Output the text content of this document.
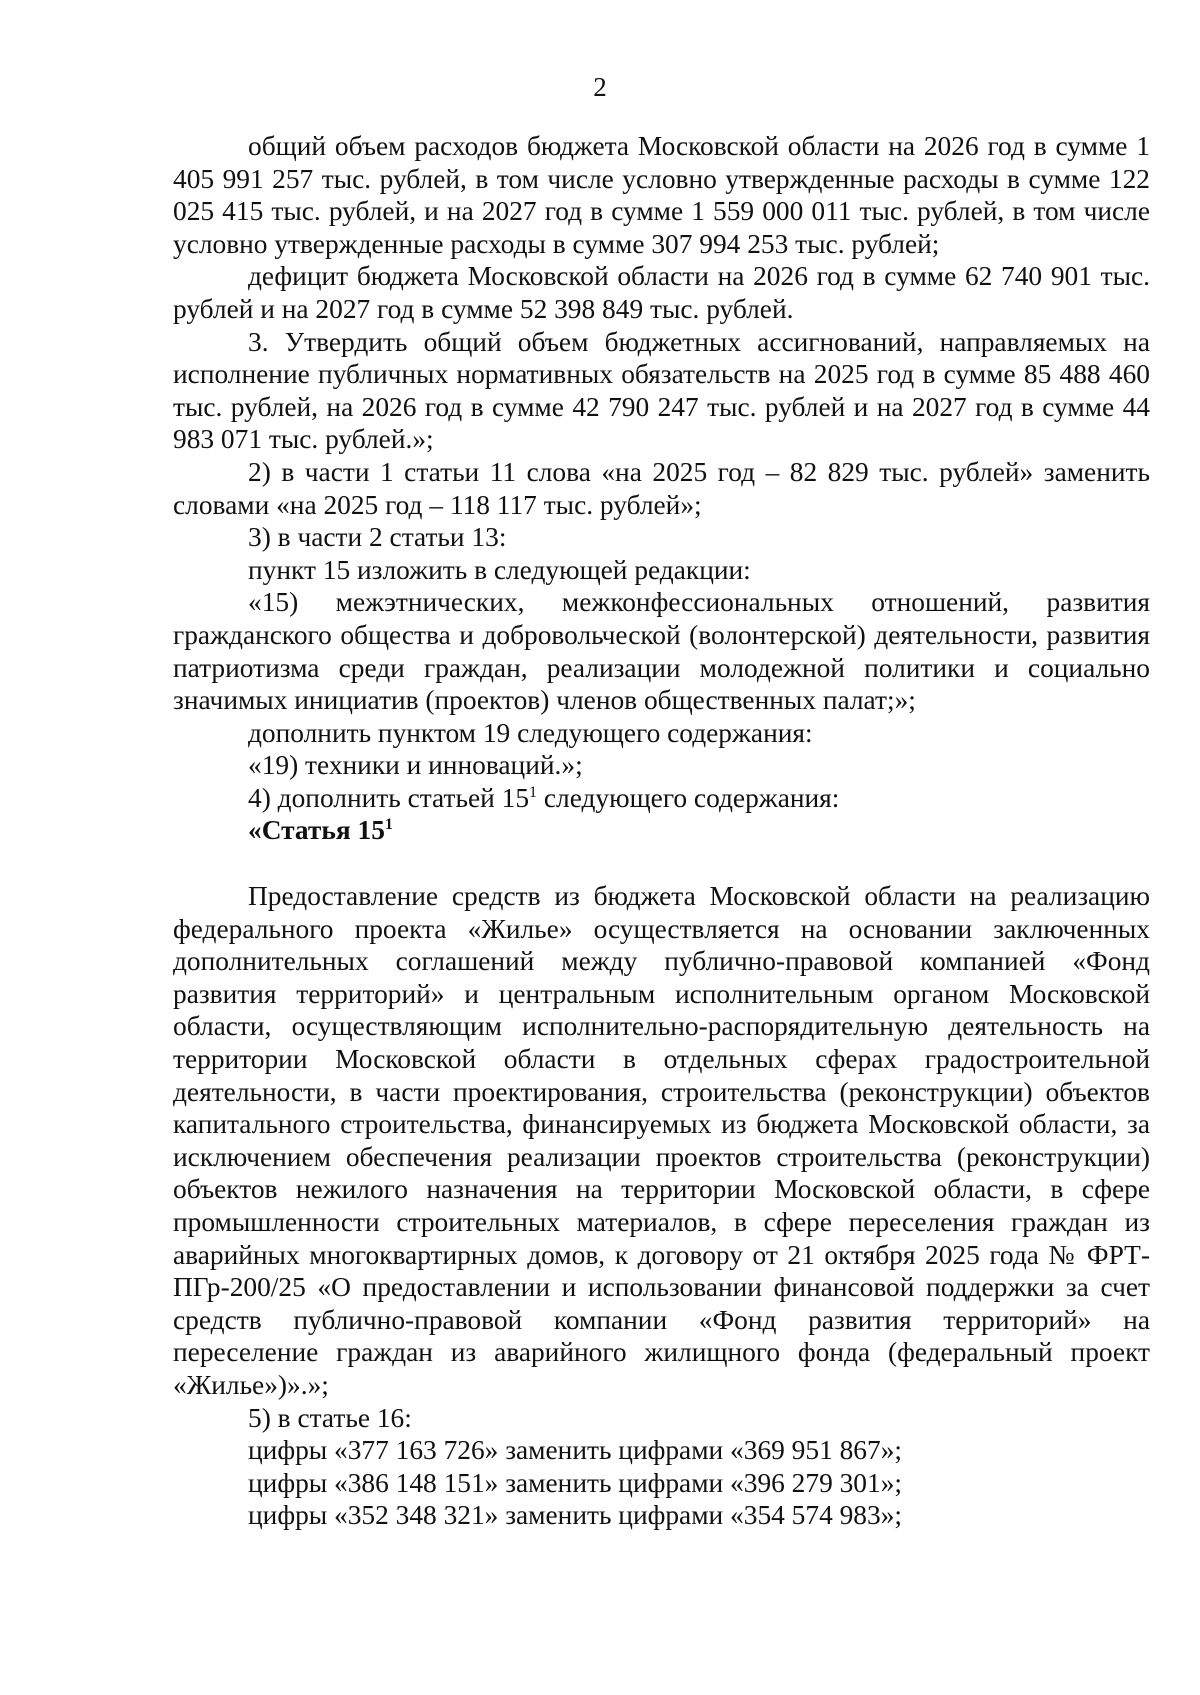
2

общий объем расходов бюджета Московской области на 2026 год в сумме 1 405 991 257 тыс. рублей, в том числе условно утвержденные расходы в сумме 122 025 415 тыс. рублей, и на 2027 год в сумме 1 559 000 011 тыс. рублей, в том числе условно утвержденные расходы в сумме 307 994 253 тыс. рублей;

дефицит бюджета Московской области на 2026 год в сумме 62 740 901 тыс. рублей и на 2027 год в сумме 52 398 849 тыс. рублей.

3. Утвердить общий объем бюджетных ассигнований, направляемых на исполнение публичных нормативных обязательств на 2025 год в сумме 85 488 460 тыс. рублей, на 2026 год в сумме 42 790 247 тыс. рублей и на 2027 год в сумме 44 983 071 тыс. рублей.»;

2) в части 1 статьи 11 слова «на 2025 год – 82 829 тыс. рублей» заменить словами «на 2025 год – 118 117 тыс. рублей»;

3) в части 2 статьи 13:

пункт 15 изложить в следующей редакции:

«15) межэтнических, межконфессиональных отношений, развития гражданского общества и добровольческой (волонтерской) деятельности, развития патриотизма среди граждан, реализации молодежной политики и социально значимых инициатив (проектов) членов общественных палат;»;

дополнить пунктом 19 следующего содержания:

«19) техники и инноваций.»;

4) дополнить статьей $15^1$ следующего содержания:

«Статья $15^1$

Предоставление средств из бюджета Московской области на реализацию федерального проекта «Жилье» осуществляется на основании заключенных дополнительных соглашений между публично-правовой компанией «Фонд развития территорий» и центральным исполнительным органом Московской области, осуществляющим исполнительно-распорядительную деятельность на территории Московской области в отдельных сферах градостроительной деятельности, в части проектирования, строительства (реконструкции) объектов капитального строительства, финансируемых из бюджета Московской области, за исключением обеспечения реализации проектов строительства (реконструкции) объектов нежилого назначения на территории Московской области, в сфере промышленности строительных материалов, в сфере переселения граждан из аварийных многоквартирных домов, к договору от 21 октября 2025 года № ФРТ-ПГр-200/25 «О предоставлении и использовании финансовой поддержки за счет средств публично-правовой компании «Фонд развития территорий» на переселение граждан из аварийного жилищного фонда (федеральный проект «Жилье»)».»;

5) в статье 16:

цифры «377 163 726» заменить цифрами «369 951 867»;

цифры «386 148 151» заменить цифрами «396 279 301»;

цифры «352 348 321» заменить цифрами «354 574 983»;
